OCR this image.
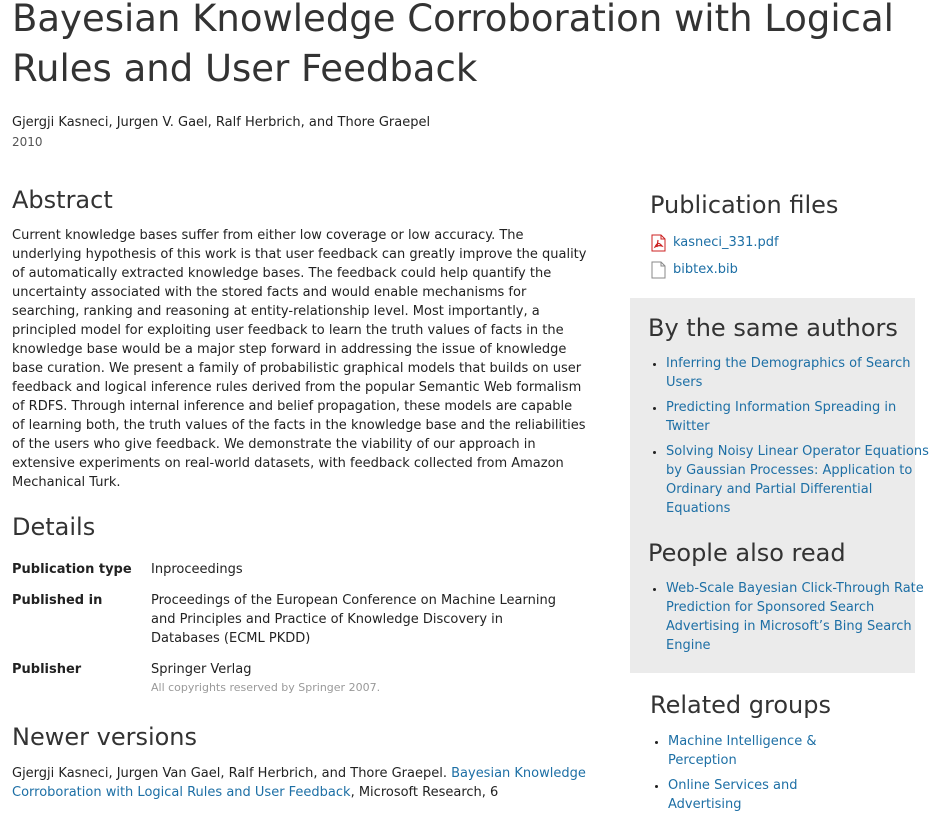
Bayesian Knowledge Corroboration with Logical Rules and User Feedback
Gjergji Kasneci, Jurgen V. Gael, Ralf Herbrich, and Thore Graepel
2010
Abstract

Current knowledge bases suffer from either low coverage or low accuracy. The underlying hypothesis of this work is that user feedback can greatly improve the quality of automatically extracted knowledge bases. The feedback could help quantify the uncertainty associated with the stored facts and would enable mechanisms for searching, ranking and reasoning at entity-relationship level. Most importantly, a principled model for exploiting user feedback to learn the truth values of facts in the knowledge base would be a major step forward in addressing the issue of knowledge base curation. We present a family of probabilistic graphical models that builds on user feedback and logical inference rules derived from the popular Semantic Web formalism of RDFS. Through internal inference and belief propagation, these models are capable of learning both, the truth values of the facts in the knowledge base and the reliabilities of the users who give feedback. We demonstrate the viability of our approach in extensive experiments on real-world datasets, with feedback collected from Amazon Mechanical Turk.

Details
Publication type	Inproceedings
Published in	Proceedings of the European Conference on Machine Learning and Principles and Practice of Knowledge Discovery in Databases (ECML PKDD)
Publisher	Springer Verlag
All copyrights reserved by Springer 2007.
Newer versions
Gjergji Kasneci, Jurgen Van Gael, Ralf Herbrich, and Thore Graepel. Bayesian Knowledge Corroboration with Logical Rules and User Feedback, Microsoft Research, 6
Publication files
kasneci_331.pdf
bibtex.bib
By the same authors
• Inferring the Demographics of Search Users
• Predicting Information Spreading in Twitter
• Solving Noisy Linear Operator Equations by Gaussian Processes: Application to Ordinary and Partial Differential Equations
People also read
• Web-Scale Bayesian Click-Through Rate Prediction for Sponsored Search Advertising in Microsoft’s Bing Search Engine
Related groups
• Machine Intelligence & Perception
• Online Services and Advertising
